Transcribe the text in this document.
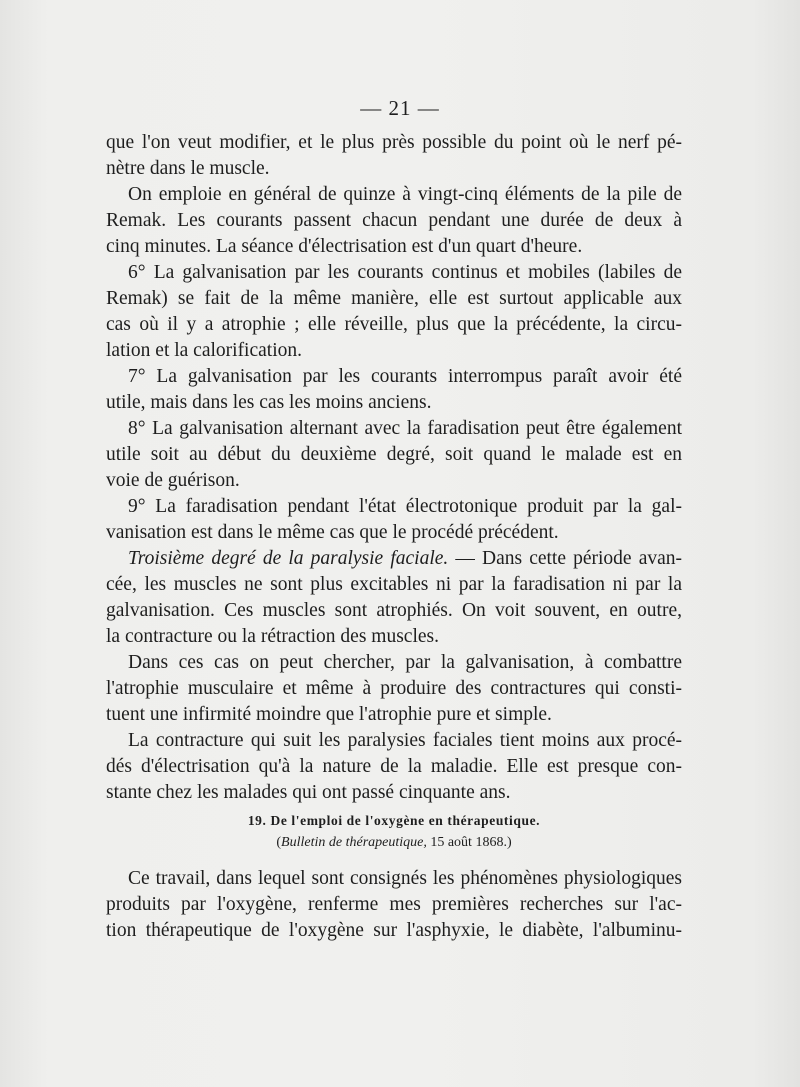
— 21 —
que l'on veut modifier, et le plus près possible du point où le nerf pé-
nètre dans le muscle.
On emploie en général de quinze à vingt-cinq éléments de la pile de
Remak. Les courants passent chacun pendant une durée de deux à
cinq minutes. La séance d'électrisation est d'un quart d'heure.
6° La galvanisation par les courants continus et mobiles (labiles de
Remak) se fait de la même manière, elle est surtout applicable aux
cas où il y a atrophie ; elle réveille, plus que la précédente, la circu-
lation et la calorification.
7° La galvanisation par les courants interrompus paraît avoir été
utile, mais dans les cas les moins anciens.
8° La galvanisation alternant avec la faradisation peut être également
utile soit au début du deuxième degré, soit quand le malade est en
voie de guérison.
9° La faradisation pendant l'état électrotonique produit par la gal-
vanisation est dans le même cas que le procédé précédent.
Troisième degré de la paralysie faciale. — Dans cette période avan-
cée, les muscles ne sont plus excitables ni par la faradisation ni par la
galvanisation. Ces muscles sont atrophiés. On voit souvent, en outre,
la contracture ou la rétraction des muscles.
Dans ces cas on peut chercher, par la galvanisation, à combattre
l'atrophie musculaire et même à produire des contractures qui consti-
tuent une infirmité moindre que l'atrophie pure et simple.
La contracture qui suit les paralysies faciales tient moins aux procé-
dés d'électrisation qu'à la nature de la maladie. Elle est presque con-
stante chez les malades qui ont passé cinquante ans.
19. De l'emploi de l'oxygène en thérapeutique.
(Bulletin de thérapeutique, 15 août 1868.)
Ce travail, dans lequel sont consignés les phénomènes physiologiques
produits par l'oxygène, renferme mes premières recherches sur l'ac-
tion thérapeutique de l'oxygène sur l'asphyxie, le diabète, l'albuminu-
